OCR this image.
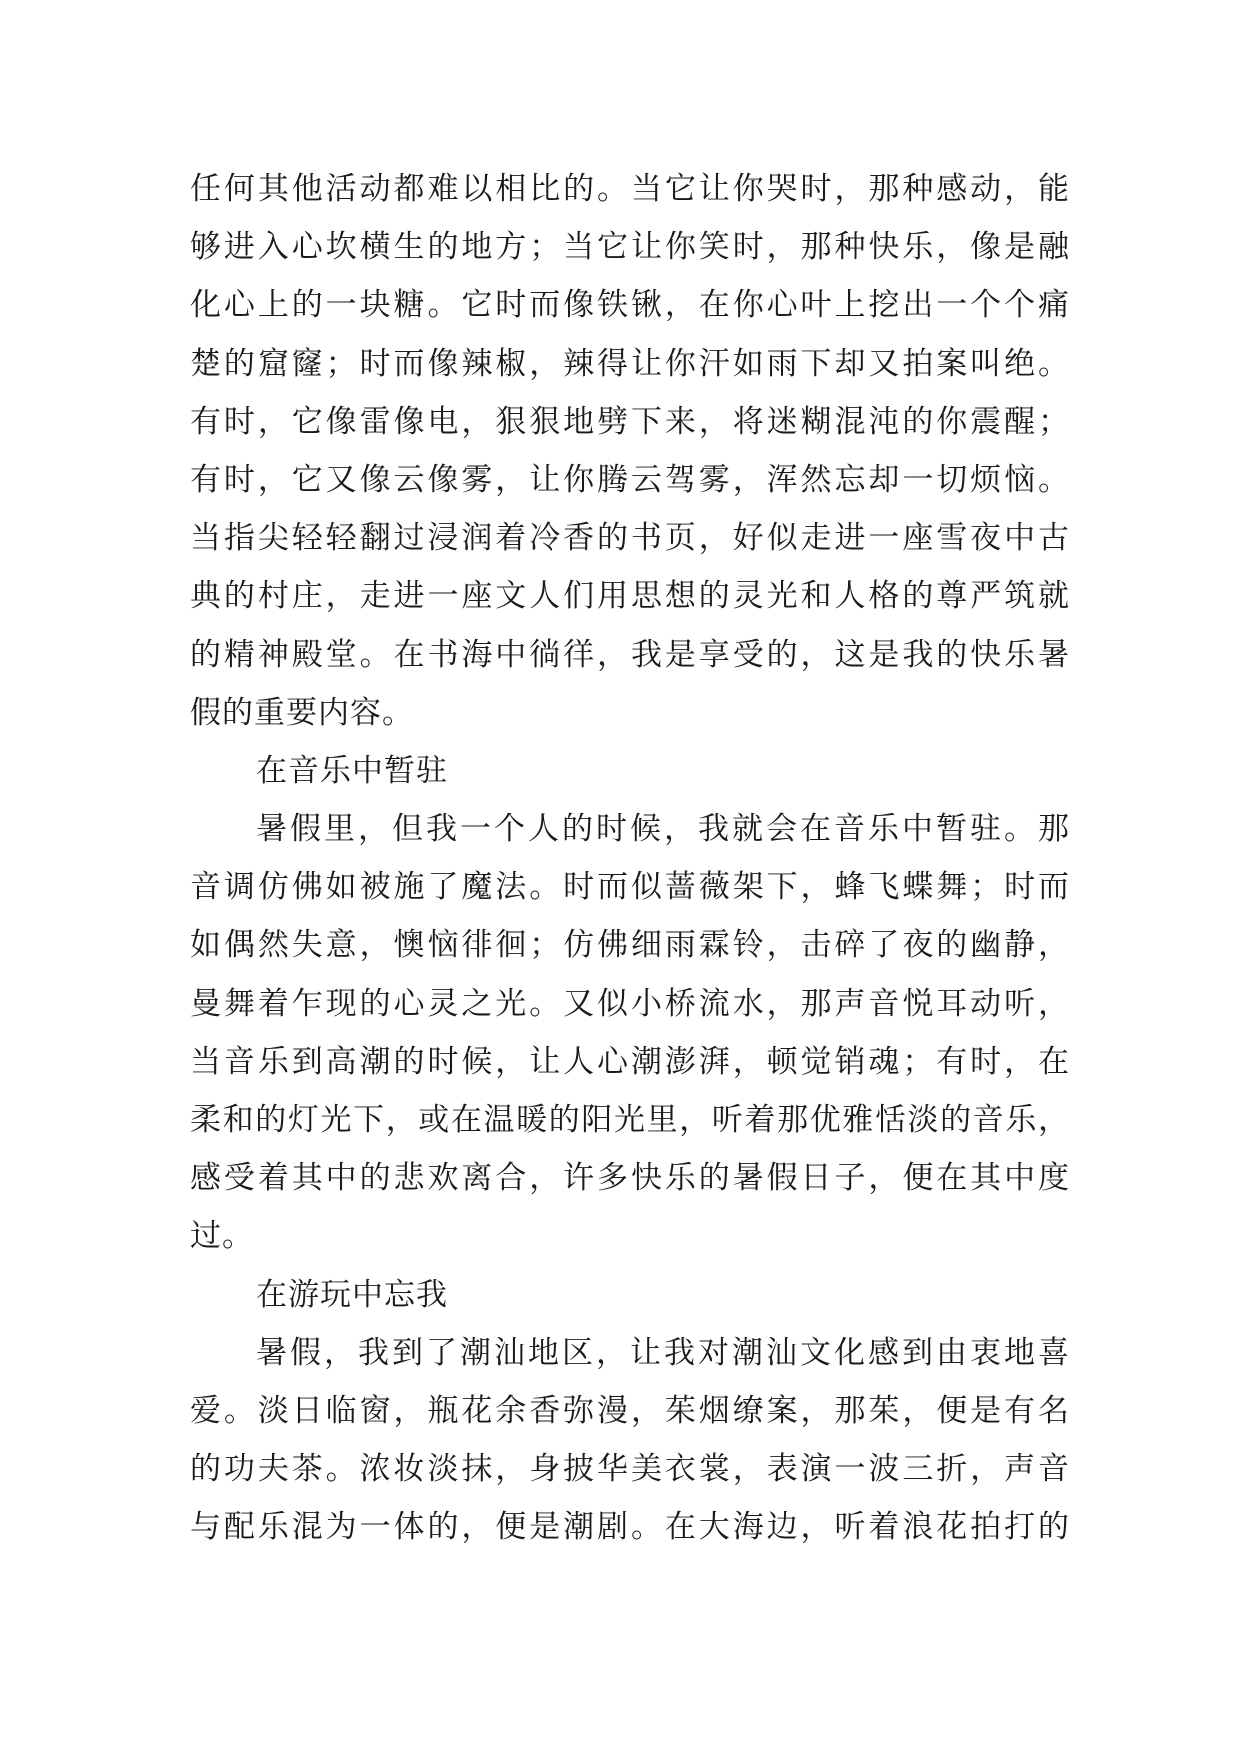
任何其他活动都难以相比的。当它让你哭时，那种感动，能
够进入心坎横生的地方；当它让你笑时，那种快乐，像是融
化心上的一块糖。它时而像铁锹，在你心叶上挖出一个个痛
楚的窟窿；时而像辣椒，辣得让你汗如雨下却又拍案叫绝。
有时，它像雷像电，狠狠地劈下来，将迷糊混沌的你震醒；
有时，它又像云像雾，让你腾云驾雾，浑然忘却一切烦恼。
当指尖轻轻翻过浸润着冷香的书页，好似走进一座雪夜中古
典的村庄，走进一座文人们用思想的灵光和人格的尊严筑就
的精神殿堂。在书海中徜徉，我是享受的，这是我的快乐暑
假的重要内容。
在音乐中暂驻
暑假里，但我一个人的时候，我就会在音乐中暂驻。那
音调仿佛如被施了魔法。时而似蔷薇架下，蜂飞蝶舞；时而
如偶然失意，懊恼徘徊；仿佛细雨霖铃，击碎了夜的幽静，
曼舞着乍现的心灵之光。又似小桥流水，那声音悦耳动听，
当音乐到高潮的时候，让人心潮澎湃，顿觉销魂；有时，在
柔和的灯光下，或在温暖的阳光里，听着那优雅恬淡的音乐，
感受着其中的悲欢离合，许多快乐的暑假日子，便在其中度
过。
在游玩中忘我
暑假，我到了潮汕地区，让我对潮汕文化感到由衷地喜
爱。淡日临窗，瓶花余香弥漫，茱烟缭案，那茱，便是有名
的功夫茶。浓妆淡抹，身披华美衣裳，表演一波三折，声音
与配乐混为一体的，便是潮剧。在大海边，听着浪花拍打的
